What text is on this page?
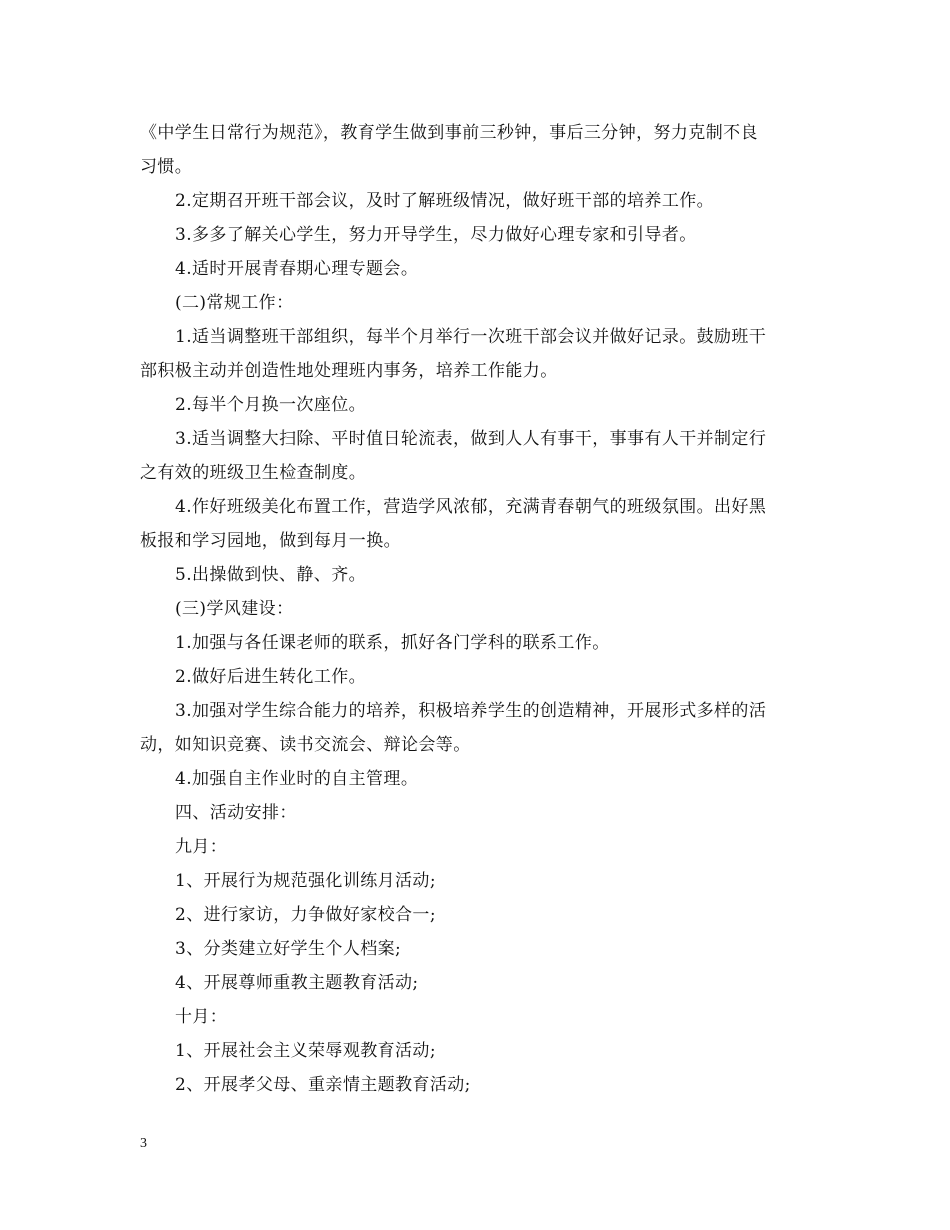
《中学生日常行为规范》，教育学生做到事前三秒钟，事后三分钟，努力克制不良
习惯。
2.定期召开班干部会议，及时了解班级情况，做好班干部的培养工作。
3.多多了解关心学生，努力开导学生，尽力做好心理专家和引导者。
4.适时开展青春期心理专题会。
(二)常规工作：
1.适当调整班干部组织，每半个月举行一次班干部会议并做好记录。鼓励班干
部积极主动并创造性地处理班内事务，培养工作能力。
2.每半个月换一次座位。
3.适当调整大扫除、平时值日轮流表，做到人人有事干，事事有人干并制定行
之有效的班级卫生检查制度。
4.作好班级美化布置工作，营造学风浓郁，充满青春朝气的班级氛围。出好黑
板报和学习园地，做到每月一换。
5.出操做到快、静、齐。
(三)学风建设：
1.加强与各任课老师的联系，抓好各门学科的联系工作。
2.做好后进生转化工作。
3.加强对学生综合能力的培养，积极培养学生的创造精神，开展形式多样的活
动，如知识竞赛、读书交流会、辩论会等。
4.加强自主作业时的自主管理。
四、活动安排：
九月：
1、开展行为规范强化训练月活动;
2、进行家访，力争做好家校合一;
3、分类建立好学生个人档案;
4、开展尊师重教主题教育活动;
十月：
1、开展社会主义荣辱观教育活动;
2、开展孝父母、重亲情主题教育活动;
3
